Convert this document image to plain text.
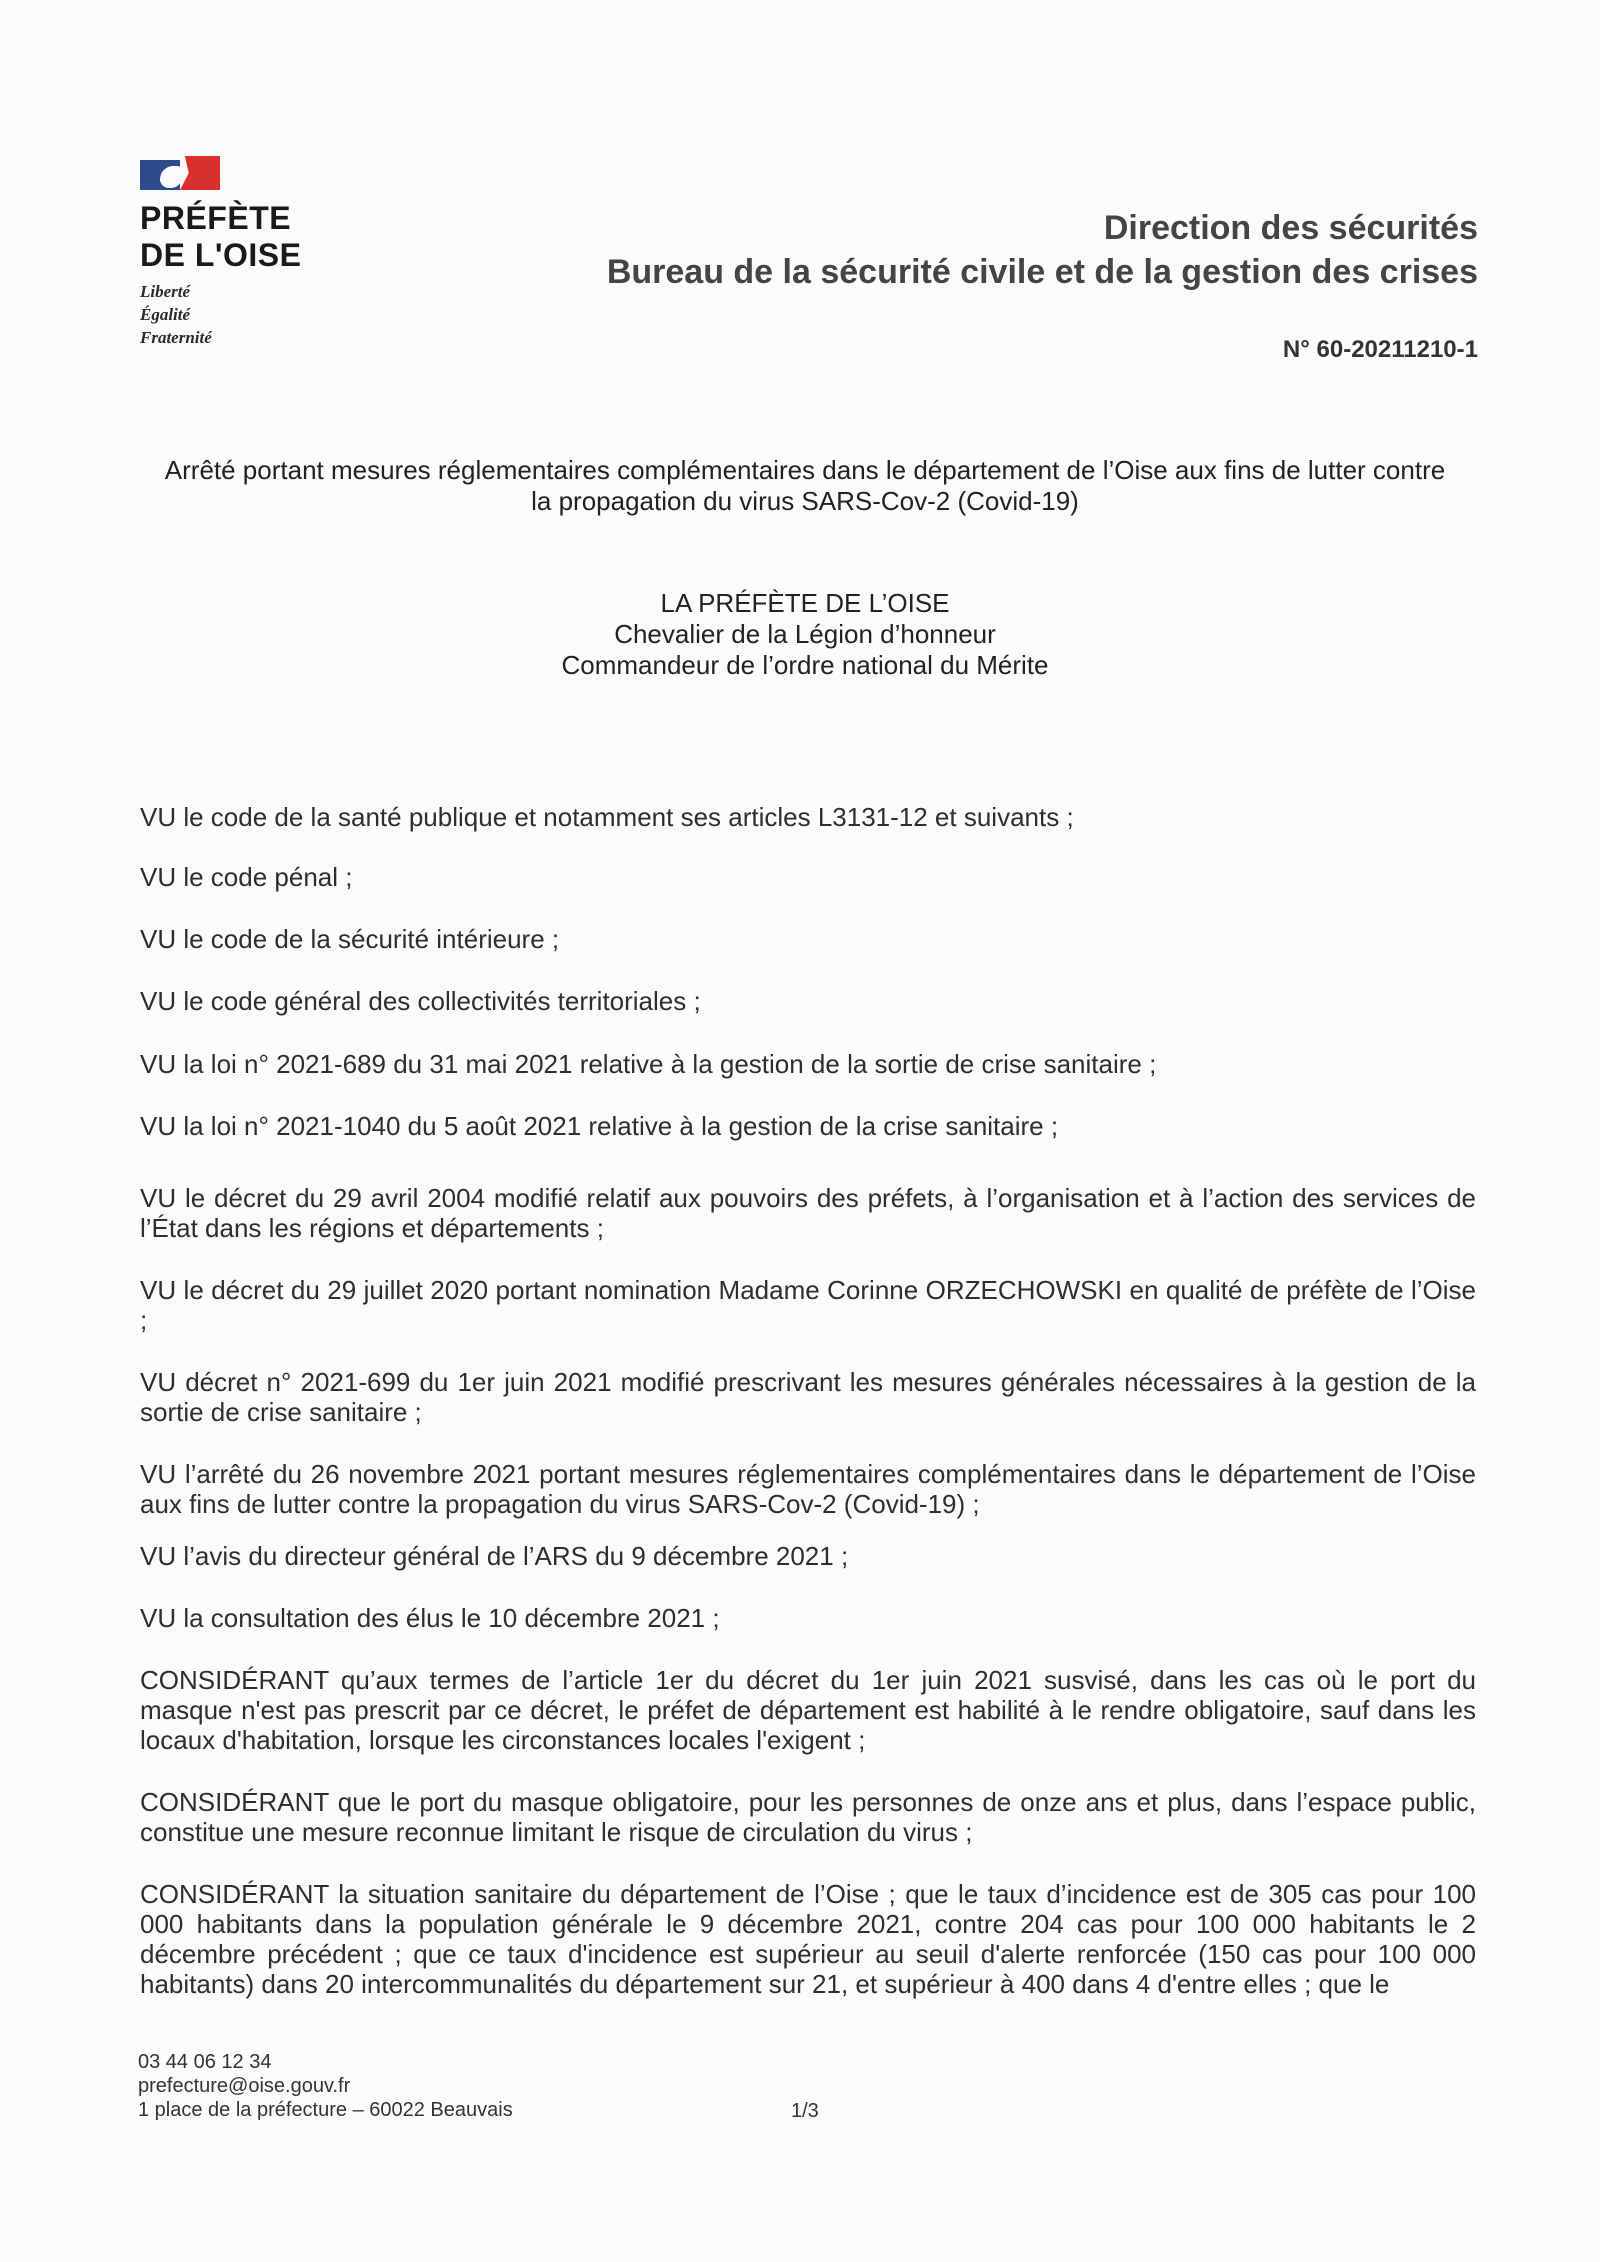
PRÉFÈTE
DE L'OISE
Liberté
Égalité
Fraternité
Direction des sécurités
Bureau de la sécurité civile et de la gestion des crises
N° 60-20211210-1
Arrêté portant mesures réglementaires complémentaires dans le département de l’Oise aux fins de lutter contre
la propagation du virus SARS-Cov-2 (Covid-19)
LA PRÉFÈTE DE L’OISE
Chevalier de la Légion d’honneur
Commandeur de l’ordre national du Mérite

VU le code de la santé publique et notamment ses articles L3131-12 et suivants ;

VU le code pénal ;

VU le code de la sécurité intérieure ;

VU le code général des collectivités territoriales ;

VU la loi n° 2021-689 du 31 mai 2021 relative à la gestion de la sortie de crise sanitaire ;

VU la loi n° 2021-1040 du 5 août 2021 relative à la gestion de la crise sanitaire ;

VU le décret du 29 avril 2004 modifié relatif aux pouvoirs des préfets, à l’organisation et à l’action des services de l’État dans les régions et départements ;

VU le décret du 29 juillet 2020 portant nomination Madame Corinne ORZECHOWSKI en qualité de préfète de l’Oise ;

VU décret n° 2021-699 du 1er juin 2021 modifié prescrivant les mesures générales nécessaires à la gestion de la sortie de crise sanitaire ;

VU l’arrêté du 26 novembre 2021 portant mesures réglementaires complémentaires dans le département de l’Oise aux fins de lutter contre la propagation du virus SARS-Cov-2 (Covid-19) ;

VU l’avis du directeur général de l’ARS du 9 décembre 2021 ;

VU la consultation des élus le 10 décembre 2021 ;

CONSIDÉRANT qu’aux termes de l’article 1er du décret du 1er juin 2021 susvisé, dans les cas où le port du masque n'est pas prescrit par ce décret, le préfet de département est habilité à le rendre obligatoire, sauf dans les locaux d'habitation, lorsque les circonstances locales l'exigent ;

CONSIDÉRANT que le port du masque obligatoire, pour les personnes de onze ans et plus, dans l’espace public, constitue une mesure reconnue limitant le risque de circulation du virus ;

CONSIDÉRANT la situation sanitaire du département de l’Oise ; que le taux d’incidence est de 305 cas pour 100 000 habitants dans la population générale le 9 décembre 2021, contre 204 cas pour 100 000 habitants le 2 décembre précédent ; que ce taux d'incidence est supérieur au seuil d'alerte renforcée (150 cas pour 100 000 habitants) dans 20 intercommunalités du département sur 21, et supérieur à 400 dans 4 d'entre elles ; que le

03 44 06 12 34
prefecture@oise.gouv.fr
1 place de la préfecture – 60022 Beauvais	1/3
